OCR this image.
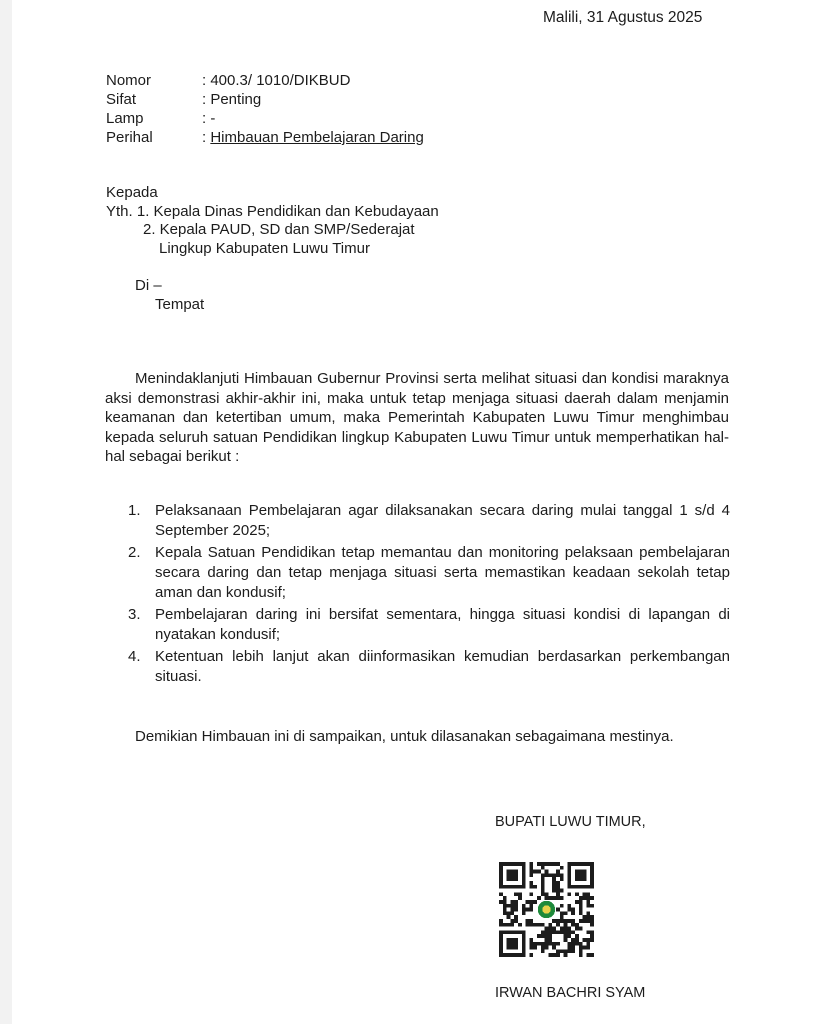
Malili, 31 Agustus 2025
Nomor	: 400.3/ 1010/DIKBUD
Sifat	: Penting
Lamp	: -
Perihal	: Himbauan Pembelajaran Daring
Kepada
Yth. 1. Kepala Dinas Pendidikan dan Kebudayaan
2. Kepala PAUD, SD dan SMP/Sederajat
Lingkup Kabupaten Luwu Timur
Di –
Tempat
Menindaklanjuti Himbauan Gubernur Provinsi serta melihat situasi dan kondisi maraknya aksi demonstrasi akhir-akhir ini, maka untuk tetap menjaga situasi daerah dalam menjamin keamanan dan ketertiban umum, maka Pemerintah Kabupaten Luwu Timur menghimbau kepada seluruh satuan Pendidikan lingkup Kabupaten Luwu Timur untuk memperhatikan hal-hal sebagai berikut :
1. Pelaksanaan Pembelajaran agar dilaksanakan secara daring mulai tanggal 1 s/d 4 September 2025;
2. Kepala Satuan Pendidikan tetap memantau dan monitoring pelaksaan pembelajaran secara daring dan tetap menjaga situasi serta memastikan keadaan sekolah tetap aman dan kondusif;
3. Pembelajaran daring ini bersifat sementara, hingga situasi kondisi di lapangan di nyatakan kondusif;
4. Ketentuan lebih lanjut akan diinformasikan kemudian berdasarkan perkembangan situasi.
Demikian Himbauan ini di sampaikan, untuk dilasanakan sebagaimana mestinya.
BUPATI LUWU TIMUR,
IRWAN BACHRI SYAM
